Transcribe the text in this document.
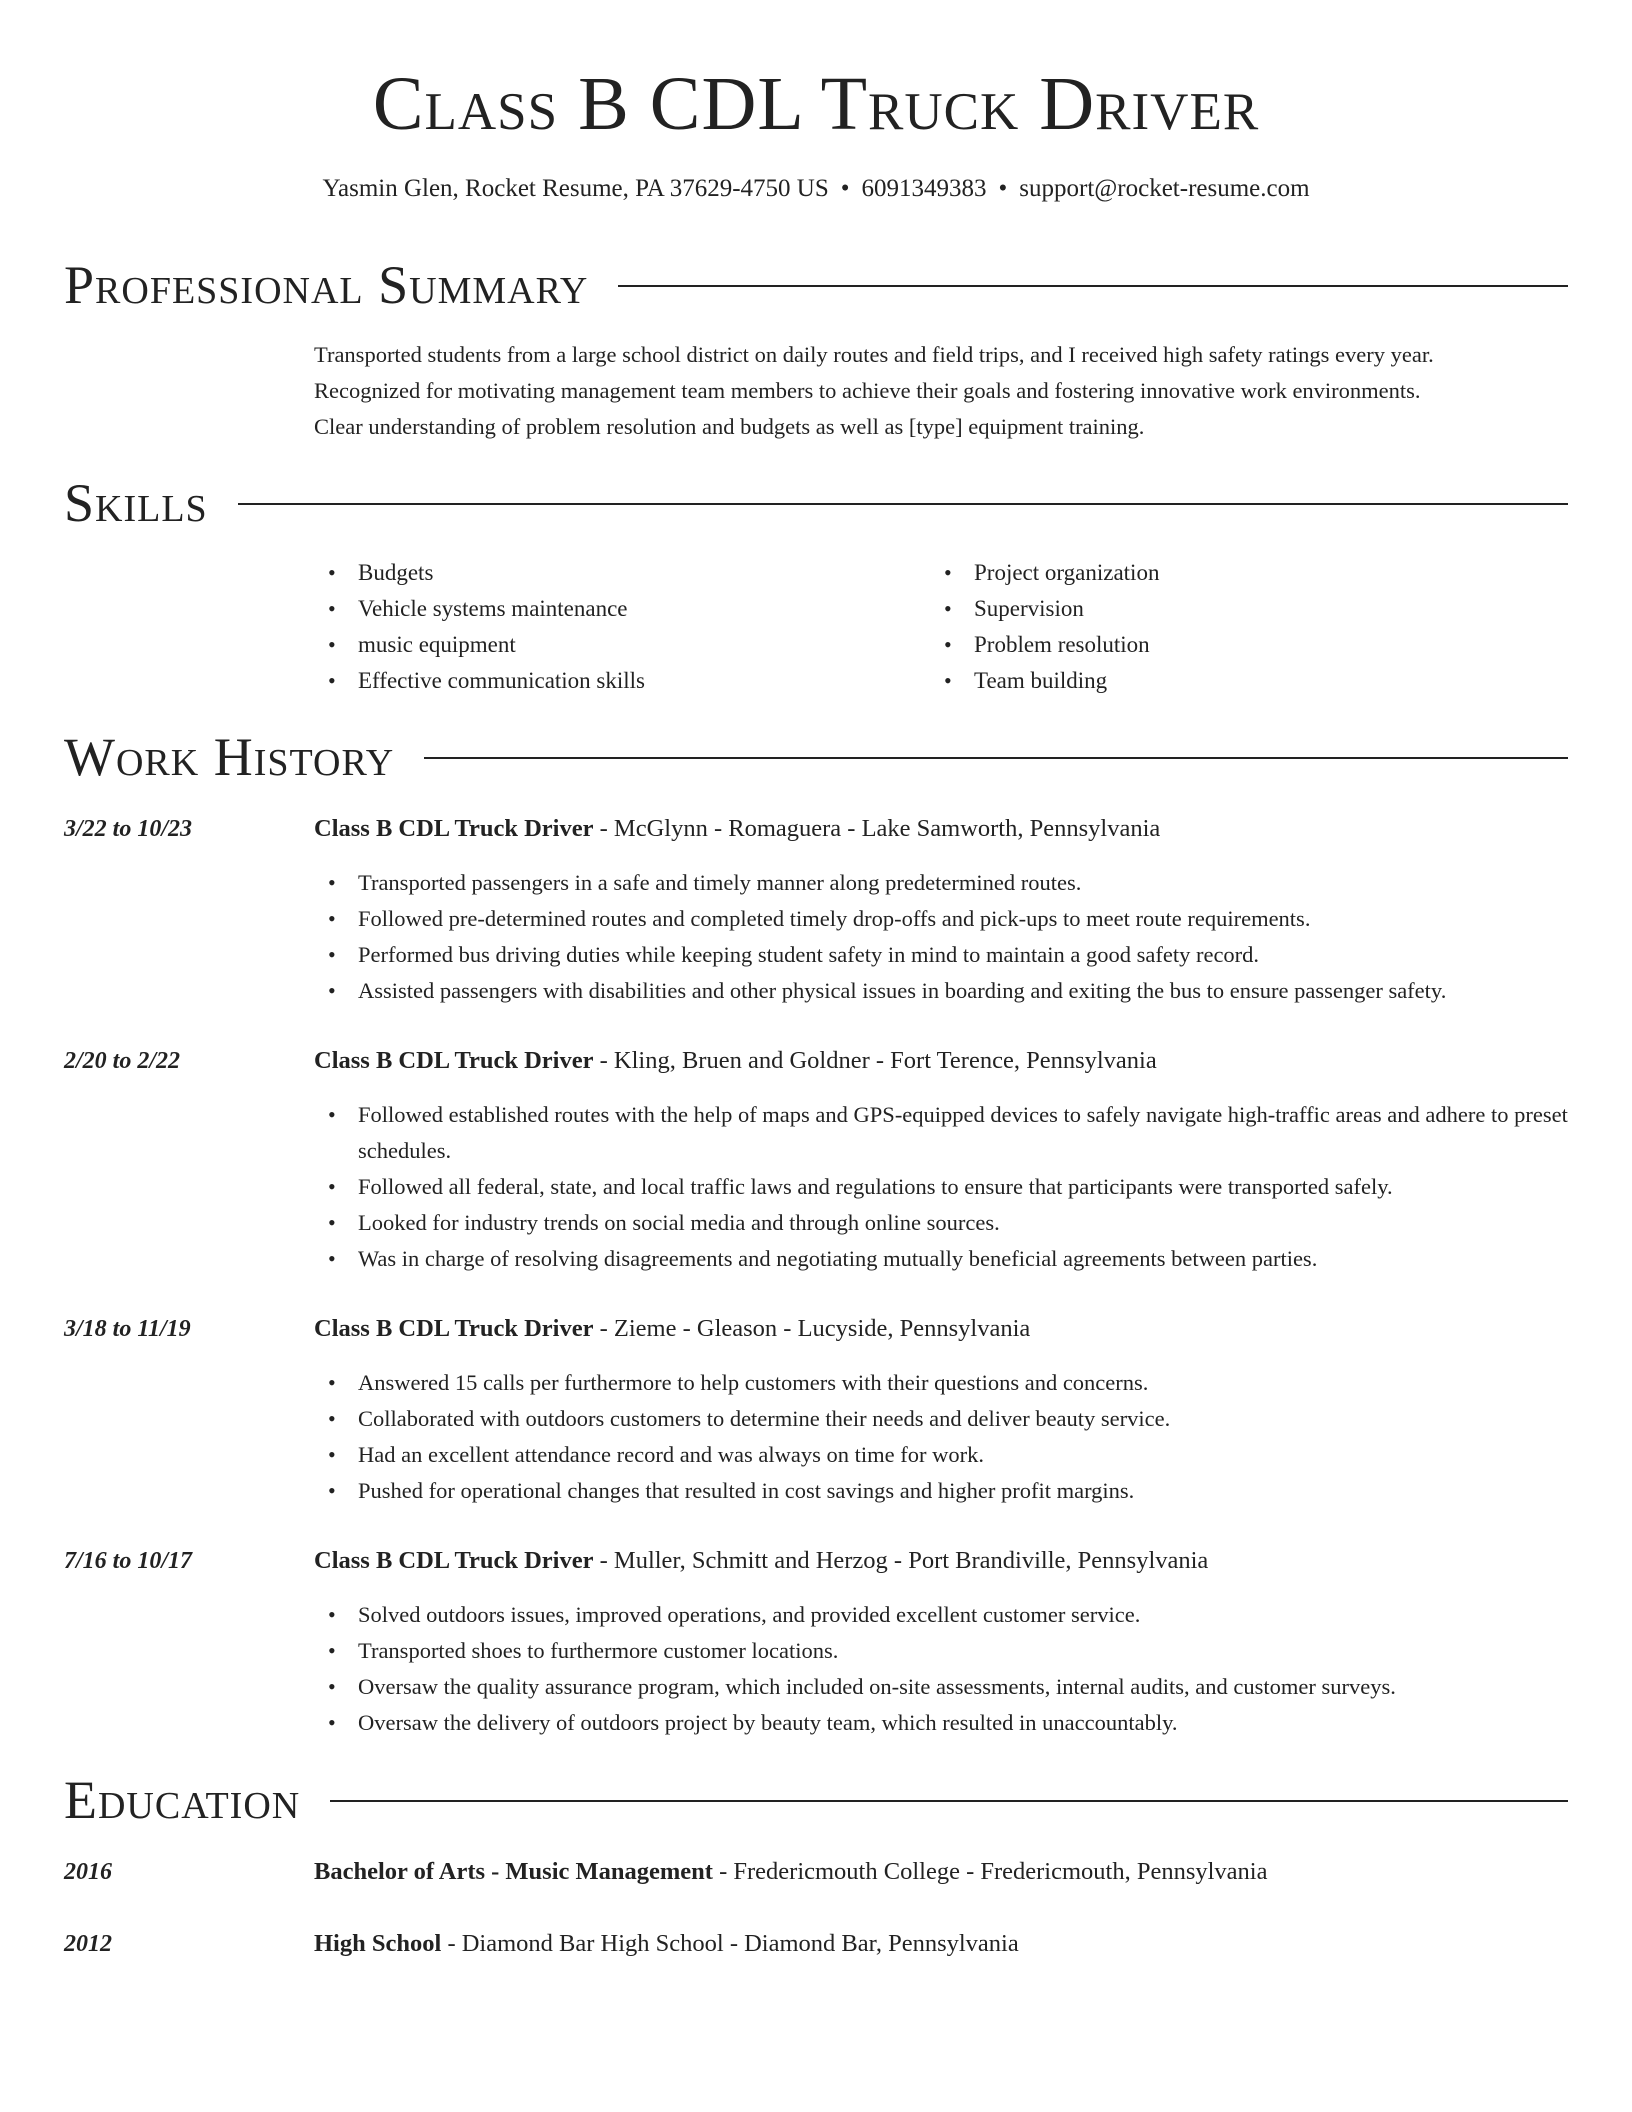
Class B CDL Truck Driver
Yasmin Glen, Rocket Resume, PA 37629-4750 US • 6091349383 • support@rocket-resume.com
Professional Summary
Transported students from a large school district on daily routes and field trips, and I received high safety ratings every year.
Recognized for motivating management team members to achieve their goals and fostering innovative work environments.
Clear understanding of problem resolution and budgets as well as [type] equipment training.
Skills
• Budgets
• Vehicle systems maintenance
• music equipment
• Effective communication skills
• Project organization
• Supervision
• Problem resolution
• Team building
Work History
3/22 to 10/23	Class B CDL Truck Driver - McGlynn - Romaguera - Lake Samworth, Pennsylvania
• Transported passengers in a safe and timely manner along predetermined routes.
• Followed pre-determined routes and completed timely drop-offs and pick-ups to meet route requirements.
• Performed bus driving duties while keeping student safety in mind to maintain a good safety record.
• Assisted passengers with disabilities and other physical issues in boarding and exiting the bus to ensure passenger safety.
2/20 to 2/22	Class B CDL Truck Driver - Kling, Bruen and Goldner - Fort Terence, Pennsylvania
• Followed established routes with the help of maps and GPS-equipped devices to safely navigate high-traffic areas and adhere to preset schedules.
• Followed all federal, state, and local traffic laws and regulations to ensure that participants were transported safely.
• Looked for industry trends on social media and through online sources.
• Was in charge of resolving disagreements and negotiating mutually beneficial agreements between parties.
3/18 to 11/19	Class B CDL Truck Driver - Zieme - Gleason - Lucyside, Pennsylvania
• Answered 15 calls per furthermore to help customers with their questions and concerns.
• Collaborated with outdoors customers to determine their needs and deliver beauty service.
• Had an excellent attendance record and was always on time for work.
• Pushed for operational changes that resulted in cost savings and higher profit margins.
7/16 to 10/17	Class B CDL Truck Driver - Muller, Schmitt and Herzog - Port Brandiville, Pennsylvania
• Solved outdoors issues, improved operations, and provided excellent customer service.
• Transported shoes to furthermore customer locations.
• Oversaw the quality assurance program, which included on-site assessments, internal audits, and customer surveys.
• Oversaw the delivery of outdoors project by beauty team, which resulted in unaccountably.
Education
2016	Bachelor of Arts - Music Management - Fredericmouth College - Fredericmouth, Pennsylvania
2012	High School - Diamond Bar High School - Diamond Bar, Pennsylvania
